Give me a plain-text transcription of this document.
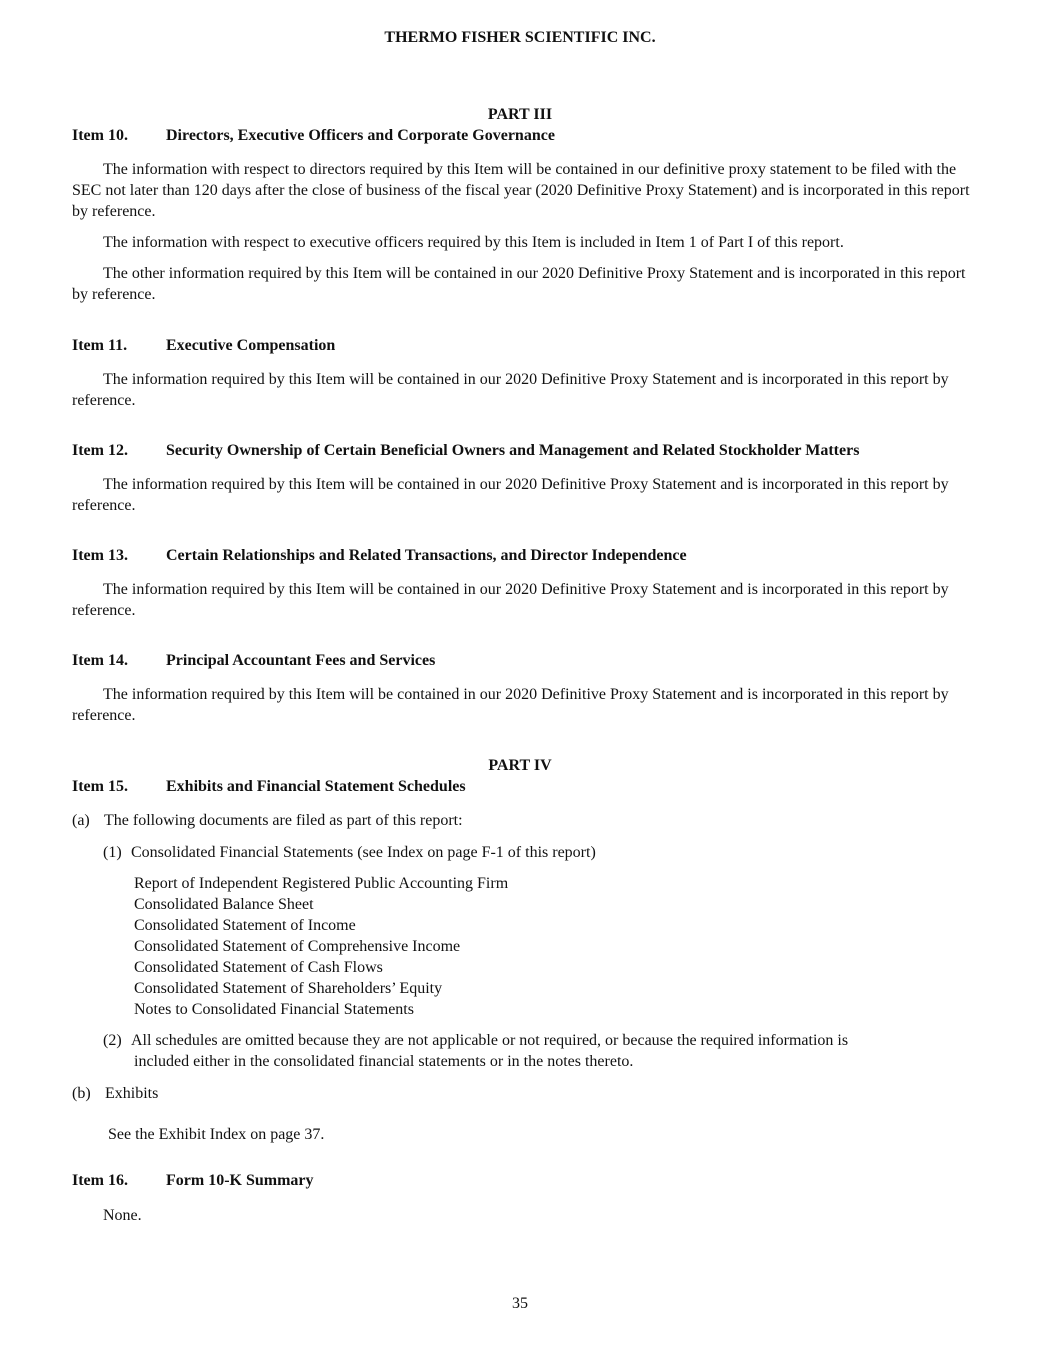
THERMO FISHER SCIENTIFIC INC.
PART III
Item 10. Directors, Executive Officers and Corporate Governance
The information with respect to directors required by this Item will be contained in our definitive proxy statement to be filed with the SEC not later than 120 days after the close of business of the fiscal year (2020 Definitive Proxy Statement) and is incorporated in this report by reference.
The information with respect to executive officers required by this Item is included in Item 1 of Part I of this report.
The other information required by this Item will be contained in our 2020 Definitive Proxy Statement and is incorporated in this report by reference.
Item 11. Executive Compensation
The information required by this Item will be contained in our 2020 Definitive Proxy Statement and is incorporated in this report by reference.
Item 12. Security Ownership of Certain Beneficial Owners and Management and Related Stockholder Matters
The information required by this Item will be contained in our 2020 Definitive Proxy Statement and is incorporated in this report by reference.
Item 13. Certain Relationships and Related Transactions, and Director Independence
The information required by this Item will be contained in our 2020 Definitive Proxy Statement and is incorporated in this report by reference.
Item 14. Principal Accountant Fees and Services
The information required by this Item will be contained in our 2020 Definitive Proxy Statement and is incorporated in this report by reference.
PART IV
Item 15. Exhibits and Financial Statement Schedules
(a) The following documents are filed as part of this report:
(1) Consolidated Financial Statements (see Index on page F-1 of this report)
Report of Independent Registered Public Accounting Firm
Consolidated Balance Sheet
Consolidated Statement of Income
Consolidated Statement of Comprehensive Income
Consolidated Statement of Cash Flows
Consolidated Statement of Shareholders’ Equity
Notes to Consolidated Financial Statements
(2) All schedules are omitted because they are not applicable or not required, or because the required information is
included either in the consolidated financial statements or in the notes thereto.
(b) Exhibits
See the Exhibit Index on page 37.
Item 16. Form 10-K Summary
None.
35
